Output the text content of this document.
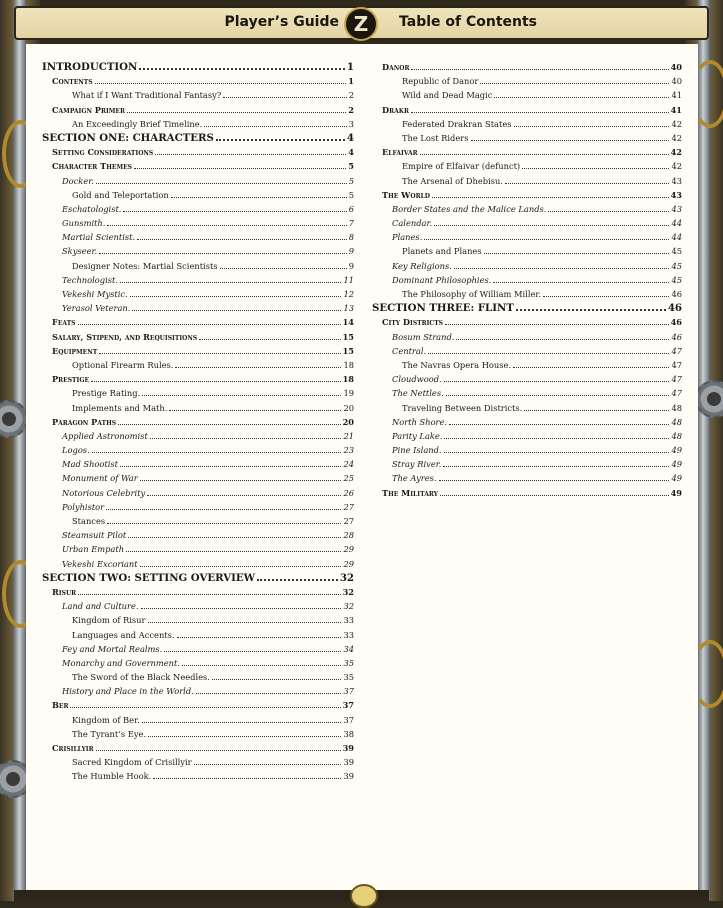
Player’s Guide Z	Table of Contents
INTRODUCTION	1
Contents	1
What if I Want Traditional Fantasy?	2
Campaign Primer	2
An Exceedingly Brief Timeline.	3
SECTION ONE: CHARACTERS	4
Setting Considerations	4
Character Themes	5
Docker.	5
Gold and Teleportation	5
Eschatologist.	6
Gunsmith.	7
Martial Scientist.	8
Skyseer.	9
Designer Notes: Martial Scientists	9
Technologist.	11
Vekeshi Mystic.	12
Yerasol Veteran.	13
Feats	14
Salary, Stipend, and Requisitions	15
Equipment	15
Optional Firearm Rules.	18
Prestige	18
Prestige Rating.	19
Implements and Math.	20
Paragon Paths	20
Applied Astronomist	21
Logos.	23
Mad Shootist	24
Monument of War	25
Notorious Celebrity	26
Polyhistor	27
Stances	27
Steamsuit Pilot	28
Urban Empath	29
Vekeshi Excoriant	29
SECTION TWO: SETTING OVERVIEW	32
Risur	32
Land and Culture.	32
Kingdom of Risur	33
Languages and Accents.	33
Fey and Mortal Realms.	34
Monarchy and Government.	35
The Sword of the Black Needles.	35
History and Place in the World.	37
Ber	37
Kingdom of Ber.	37
The Tyrant’s Eye.	38
Crisillyir	39
Sacred Kingdom of Crisillyir	39
The Humble Hook.	39
Danor	40
Republic of Danor	40
Wild and Dead Magic	41
Drakr	41
Federated Drakran States	42
The Lost Riders	42
Elfaivar	42
Empire of Elfaivar (defunct)	42
The Arsenal of Dhebisu.	43
The World	43
Border States and the Malice Lands.	43
Calendar.	44
Planes.	44
Planets and Planes	45
Key Religions.	45
Dominant Philosophies.	45
The Philosophy of William Miller.	46
SECTION THREE: FLINT	46
City Districts	46
Bosum Strand.	46
Central.	47
The Navras Opera House.	47
Cloudwood.	47
The Nettles.	47
Traveling Between Districts.	48
North Shore.	48
Parity Lake.	48
Pine Island.	49
Stray River.	49
The Ayres.	49
The Military	49
